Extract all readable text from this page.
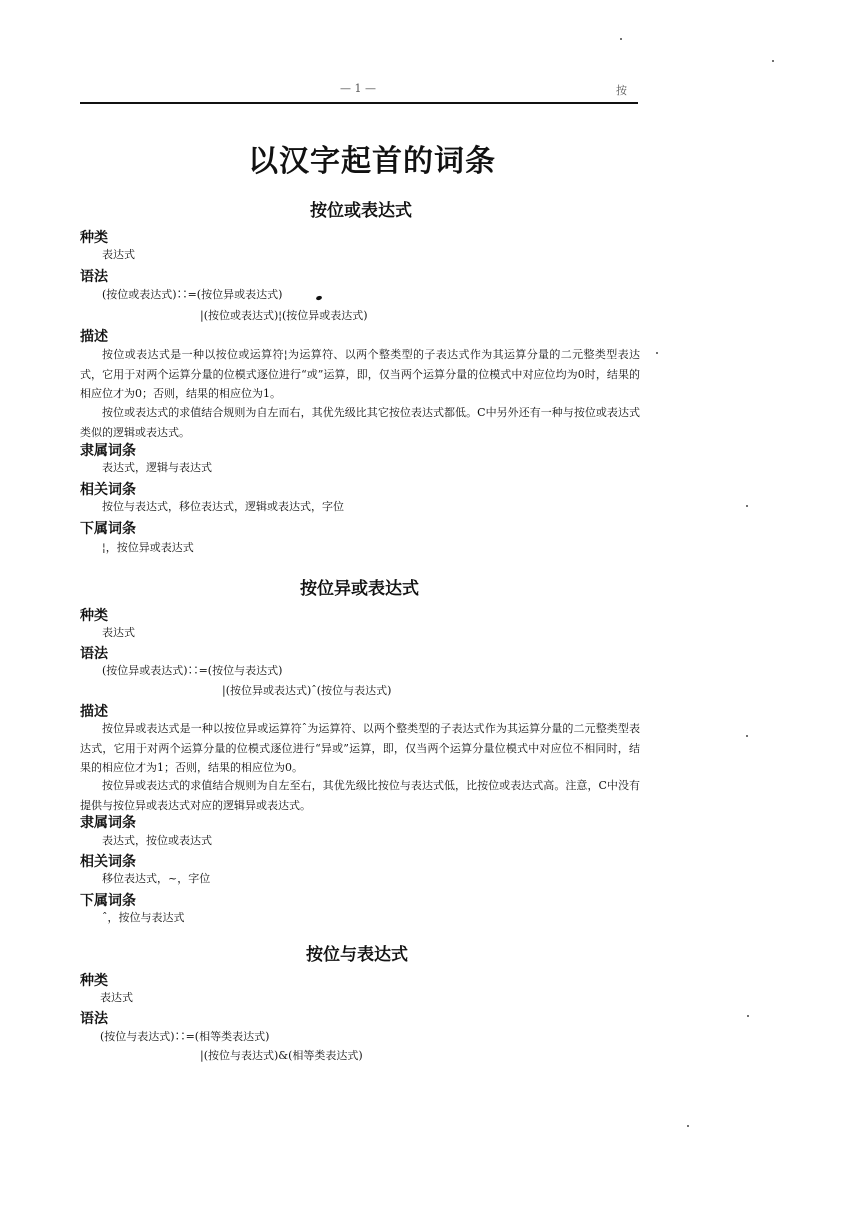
— 1 —	按
以汉字起首的词条
按位或表达式
种类
表达式
语法
(按位或表达式)∷=(按位异或表达式)
|(按位或表达式)¦(按位异或表达式)
描述
按位或表达式是一种以按位或运算符¦为运算符、以两个整类型的子表达式作为其运算分量的二元整类型表达式，它用于对两个运算分量的位模式逐位进行“或”运算，即，仅当两个运算分量的位模式中对应位均为0时，结果的相应位才为0；否则，结果的相应位为1。
按位或表达式的求值结合规则为自左而右，其优先级比其它按位表达式都低。C中另外还有一种与按位或表达式类似的逻辑或表达式。
隶属词条
表达式，逻辑与表达式
相关词条
按位与表达式，移位表达式，逻辑或表达式，字位
下属词条
¦，按位异或表达式
按位异或表达式
种类
表达式
语法
(按位异或表达式)∷=(按位与表达式)
|(按位异或表达式)ˆ(按位与表达式)
描述
按位异或表达式是一种以按位异或运算符ˆ为运算符、以两个整类型的子表达式作为其运算分量的二元整类型表达式，它用于对两个运算分量的位模式逐位进行“异或”运算，即，仅当两个运算分量位模式中对应位不相同时，结果的相应位才为1；否则，结果的相应位为0。
按位异或表达式的求值结合规则为自左至右，其优先级比按位与表达式低，比按位或表达式高。注意，C中没有提供与按位异或表达式对应的逻辑异或表达式。
隶属词条
表达式，按位或表达式
相关词条
移位表达式，~，字位
下属词条
ˆ，按位与表达式
按位与表达式
种类
表达式
语法
(按位与表达式)∷=(相等类表达式)
|(按位与表达式)&(相等类表达式)
